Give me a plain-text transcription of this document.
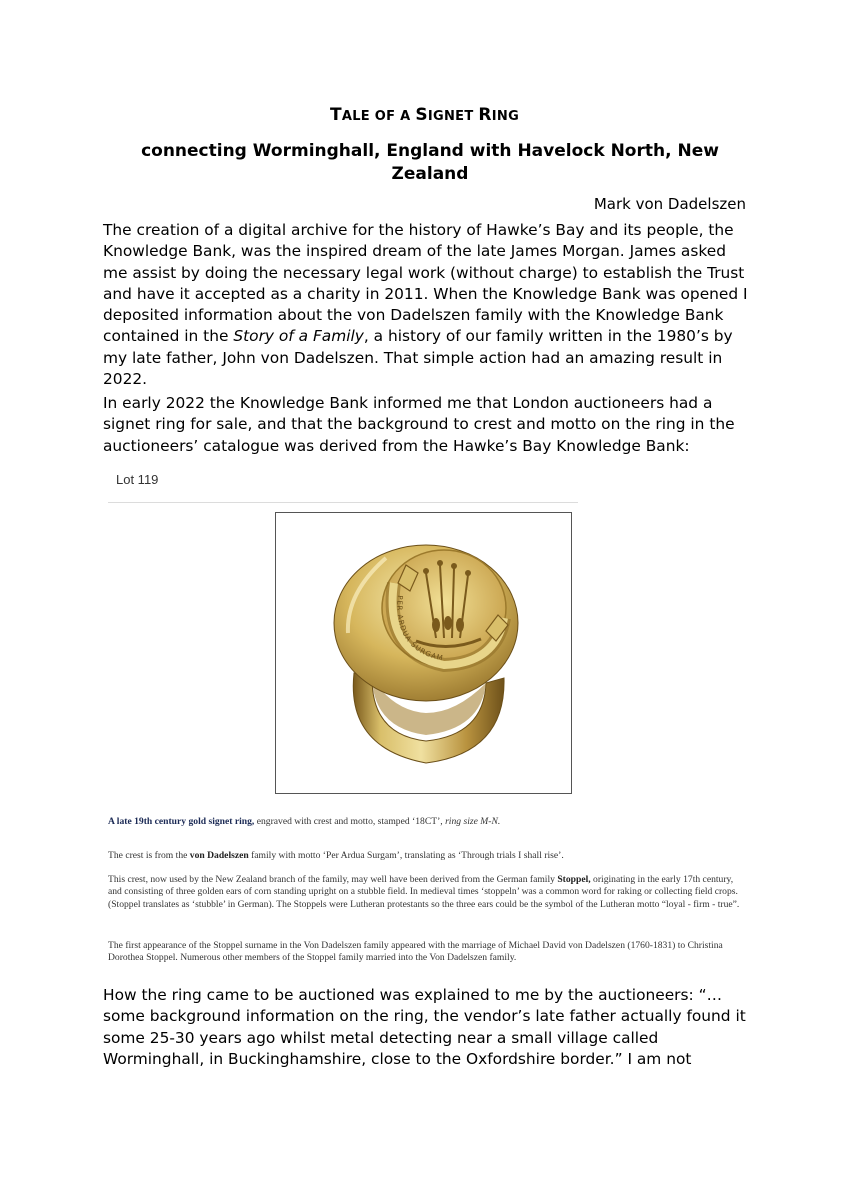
TALE OF A SIGNET RING
connecting Worminghall, England with Havelock North, New Zealand
Mark von Dadelszen
The creation of a digital archive for the history of Hawke’s Bay and its people, the Knowledge Bank, was the inspired dream of the late James Morgan. James asked me assist by doing the necessary legal work (without charge) to establish the Trust and have it accepted as a charity in 2011. When the Knowledge Bank was opened I deposited information about the von Dadelszen family with the Knowledge Bank contained in the Story of a Family, a history of our family written in the 1980’s by my late father, John von Dadelszen. That simple action had an amazing result in 2022.
In early 2022 the Knowledge Bank informed me that London auctioneers had a signet ring for sale, and that the background to crest and motto on the ring in the auctioneers’ catalogue was derived from the Hawke’s Bay Knowledge Bank:
Lot 119
PER ARDUA SURGAM
A late 19th century gold signet ring, engraved with crest and motto, stamped ‘18CT’, ring size M-N.
The crest is from the von Dadelszen family with motto ‘Per Ardua Surgam’, translating as ‘Through trials I shall rise’.
This crest, now used by the New Zealand branch of the family, may well have been derived from the German family Stoppel, originating in the early 17th century, and consisting of three golden ears of corn standing upright on a stubble field. In medieval times ‘stoppeln’ was a common word for raking or collecting field crops. (Stoppel translates as ‘stubble’ in German). The Stoppels were Lutheran protestants so the three ears could be the symbol of the Lutheran motto “loyal - firm - true”.
The first appearance of the Stoppel surname in the Von Dadelszen family appeared with the marriage of Michael David von Dadelszen (1760-1831) to Christina Dorothea Stoppel. Numerous other members of the Stoppel family married into the Von Dadelszen family.
How the ring came to be auctioned was explained to me by the auctioneers: “… some background information on the ring, the vendor’s late father actually found it some 25-30 years ago whilst metal detecting near a small village called Worminghall, in Buckinghamshire, close to the Oxfordshire border.” I am not
